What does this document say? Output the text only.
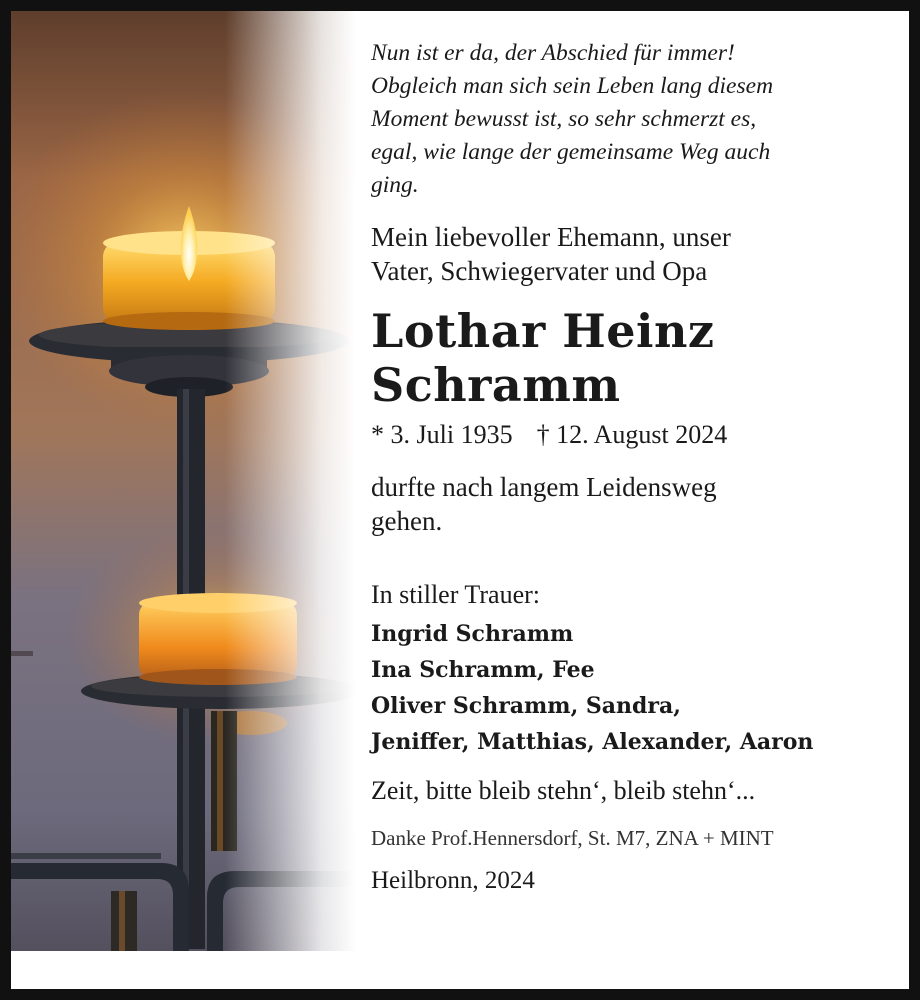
Nun ist er da, der Abschied für immer!
Obgleich man sich sein Leben lang diesem
Moment bewusst ist, so sehr schmerzt es,
egal, wie lange der gemeinsame Weg auch
ging.

Mein liebevoller Ehemann, unser
Vater, Schwiegervater und Opa

Lothar Heinz
Schramm

* 3. Juli 1935 † 12. August 2024

durfte nach langem Leidensweg
gehen.

In stiller Trauer:

Ingrid Schramm
Ina Schramm, Fee
Oliver Schramm, Sandra,
Jeniffer, Matthias, Alexander, Aaron

Zeit, bitte bleib stehn‘, bleib stehn‘...

Danke Prof.Hennersdorf, St. M7, ZNA + MINT

Heilbronn, 2024
